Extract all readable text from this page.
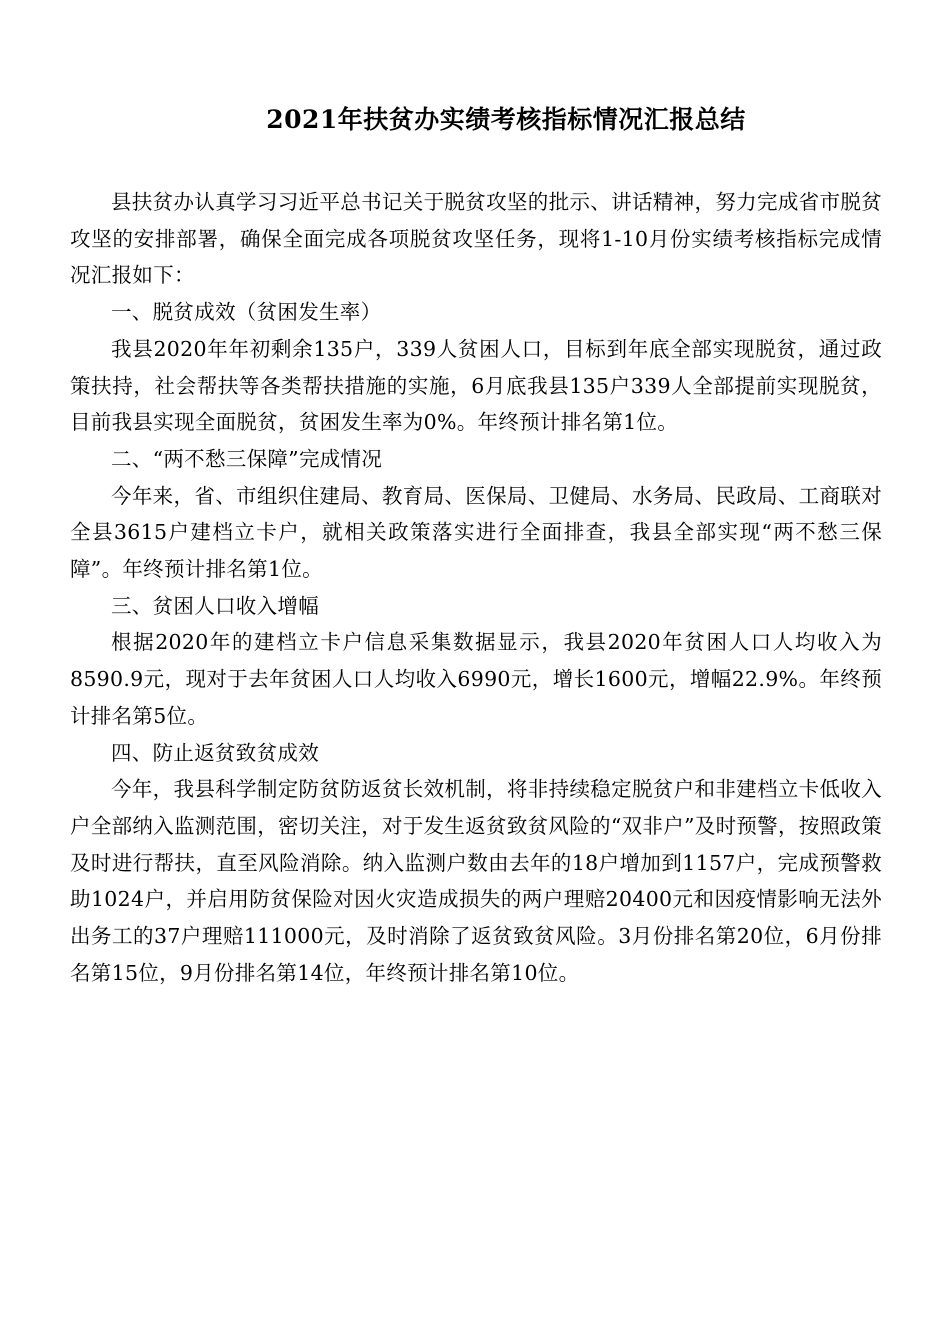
2021年扶贫办实绩考核指标情况汇报总结

县扶贫办认真学习习近平总书记关于脱贫攻坚的批示、讲话精神，努力完成省市脱贫攻坚的安排部署，确保全面完成各项脱贫攻坚任务，现将1-10月份实绩考核指标完成情况汇报如下：

一、脱贫成效（贫困发生率）

我县2020年年初剩余135户，339人贫困人口，目标到年底全部实现脱贫，通过政策扶持，社会帮扶等各类帮扶措施的实施，6月底我县135户339人全部提前实现脱贫，目前我县实现全面脱贫，贫困发生率为0%。年终预计排名第1位。

二、“两不愁三保障”完成情况

今年来，省、市组织住建局、教育局、医保局、卫健局、水务局、民政局、工商联对全县3615户建档立卡户，就相关政策落实进行全面排查，我县全部实现“两不愁三保障”。年终预计排名第1位。

三、贫困人口收入增幅

根据2020年的建档立卡户信息采集数据显示，我县2020年贫困人口人均收入为8590.9元，现对于去年贫困人口人均收入6990元，增长1600元，增幅22.9%。年终预计排名第5位。

四、防止返贫致贫成效

今年，我县科学制定防贫防返贫长效机制，将非持续稳定脱贫户和非建档立卡低收入户全部纳入监测范围，密切关注，对于发生返贫致贫风险的“双非户”及时预警，按照政策及时进行帮扶，直至风险消除。纳入监测户数由去年的18户增加到1157户，完成预警救助1024户，并启用防贫保险对因火灾造成损失的两户理赔20400元和因疫情影响无法外出务工的37户理赔111000元，及时消除了返贫致贫风险。3月份排名第20位，6月份排名第15位，9月份排名第14位，年终预计排名第10位。
